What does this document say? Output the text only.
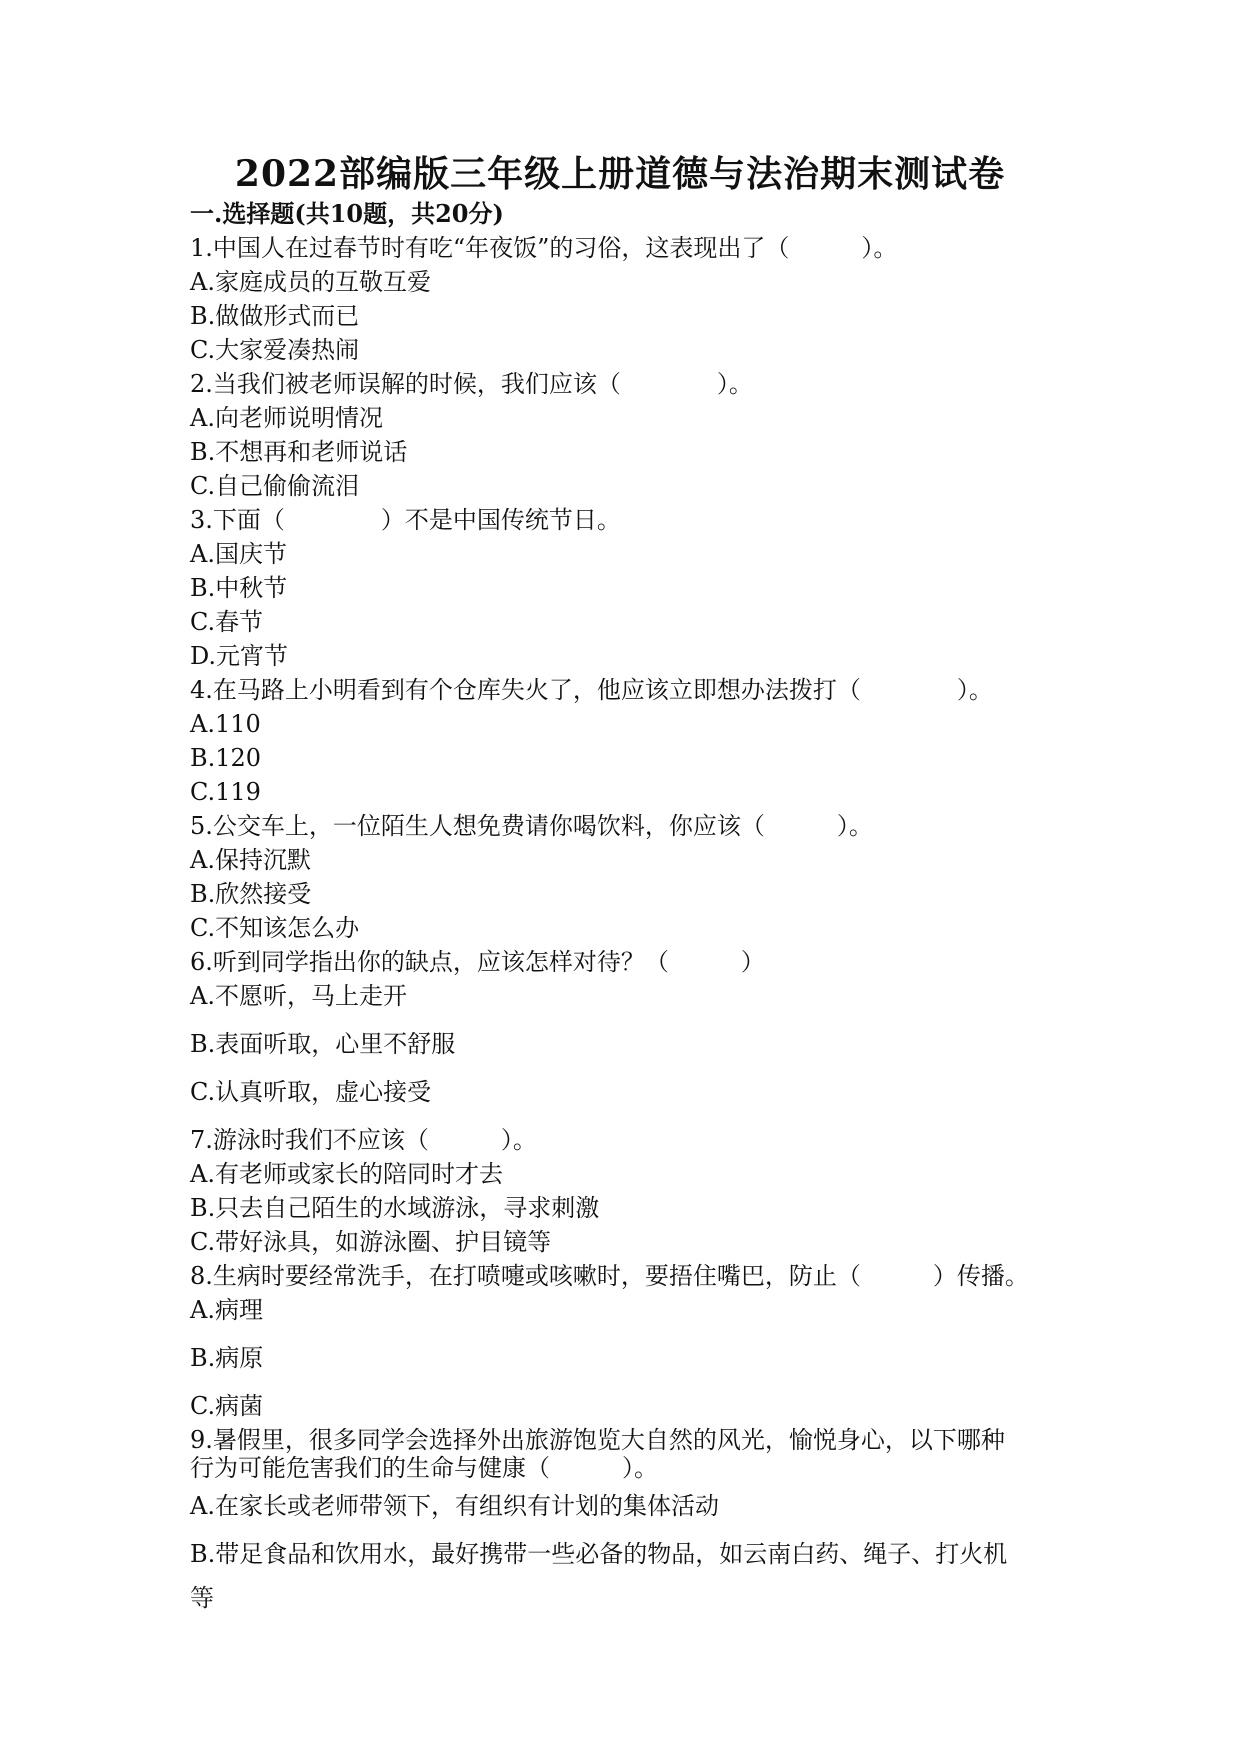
2022部编版三年级上册道德与法治期末测试卷
一.选择题(共10题，共20分)
1.中国人在过春节时有吃“年夜饭”的习俗，这表现出了（　　　）。
A.家庭成员的互敬互爱
B.做做形式而已
C.大家爱凑热闹
2.当我们被老师误解的时候，我们应该（　　　　）。
A.向老师说明情况
B.不想再和老师说话
C.自己偷偷流泪
3.下面（　　　　）不是中国传统节日。
A.国庆节
B.中秋节
C.春节
D.元宵节
4.在马路上小明看到有个仓库失火了，他应该立即想办法拨打（　　　　）。
A.110
B.120
C.119
5.公交车上，一位陌生人想免费请你喝饮料，你应该（　　　）。
A.保持沉默
B.欣然接受
C.不知该怎么办
6.听到同学指出你的缺点，应该怎样对待？（　　　）
A.不愿听，马上走开
B.表面听取，心里不舒服
C.认真听取，虚心接受
7.游泳时我们不应该（　　　）。
A.有老师或家长的陪同时才去
B.只去自己陌生的水域游泳，寻求刺激
C.带好泳具，如游泳圈、护目镜等
8.生病时要经常洗手，在打喷嚏或咳嗽时，要捂住嘴巴，防止（　　　）传播。
A.病理
B.病原
C.病菌
9.暑假里，很多同学会选择外出旅游饱览大自然的风光，愉悦身心，以下哪种
行为可能危害我们的生命与健康（　　　）。
A.在家长或老师带领下，有组织有计划的集体活动
B.带足食品和饮用水，最好携带一些必备的物品，如云南白药、绳子、打火机
等
